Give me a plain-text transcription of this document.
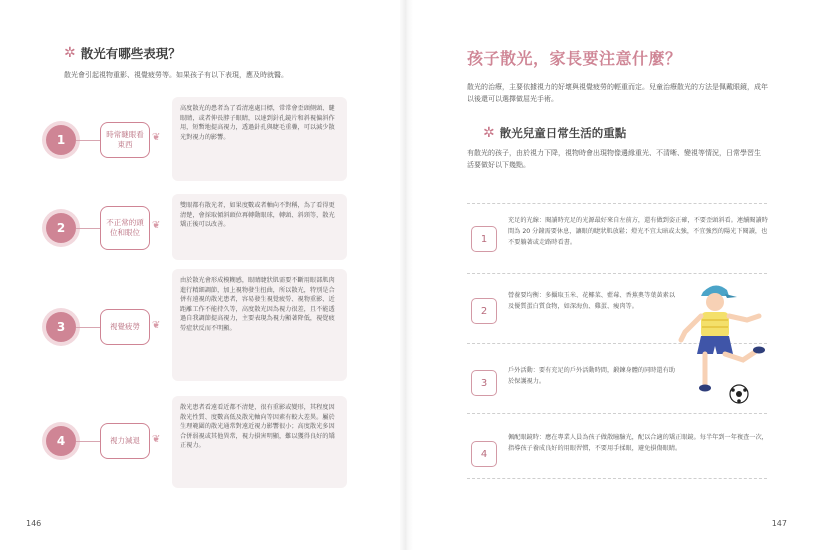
✲ 散光有哪些表現？
散光會引起視物重影、視覺疲勞等。如果孩子有以下表現，應及時就醫。
1	時常瞇眼看東西
❦
高度散光的患者為了看清遠處目標，常常會歪頭側頭、瞇眼睛，或者伸長脖子眼睛，以達到針孔鏡片和斜視偏斜作用，短暫地提高視力，透過針孔與睫毛重疊，可以減少散光對視力的影響。
2	不正常的頭位和眼位
❦
雙眼都有散光者，如果度數或者軸向不對稱，為了看得更清楚，會採取傾斜頭位再轉動眼球，轉頭、斜頸等，散光矯正後可以改善。
3	視覺疲勞	❦
由於散光會形成模糊感，眼睛睫狀肌需要不斷用眼部肌肉進行精細調節，加上視物發生扭曲，所以散光，特別是合併有遠視的散光患者，容易發生視覺疲勞、視物重影、近距離工作不能持久等，高度散光因為視力很差，且不能透過自我調節提高視力，主要表現為視力顯著降低，視覺疲勞症狀反而不明顯。
4	視力減退	❦
散光患者看遠看近都不清楚，很有重影或變形，其程度因散光性質、度數高低及散光軸向等因素有較大差異。屬於生理範圍的散光通常對遠近視力影響很小；高度散光多因合併弱視或其他異常，視力損害明顯，難以獲得良好的矯正視力。
146
孩子散光，家長要注意什麼？
散光的治療，主要依據視力的好壞與視覺疲勞的輕重而定。兒童治療散光的方法是佩戴眼鏡，成年以後還可以選擇做屈光手術。
✲ 散光兒童日常生活的重點
有散光的孩子，由於視力下降，視物時會出現物像邊緣重光、不清晰、變視等情況，日常學習生活要做好以下幾點。
1
充足的光線：閱讀時充足的光源最好來自左前方，還有做到姿正確，不要歪頭斜看。連續閱讀時間為 20 分鐘需要休息，讓眼的睫狀肌放鬆；燈光不宜太暗或太強，不宜強烈的陽光下閱讀，也不要躺著或走路時看書。
2
營養要均衡：多攝取玉米、花椰菜、藍莓、香蕉奧等葉黃素以及優質蛋白質食物，如深海魚、雞蛋、瘦肉等。
3
戶外活動：要有充足的戶外活動時間，鍛鍊身體的同時還有助於保護視力。
4
佩配眼鏡時：應在專業人員為孩子做散瞳驗光，配以合適的矯正眼鏡。每半年到一年複查一次，指導孩子養成良好的用眼習慣，不要用手揉眼，避免損傷眼睛。
147
